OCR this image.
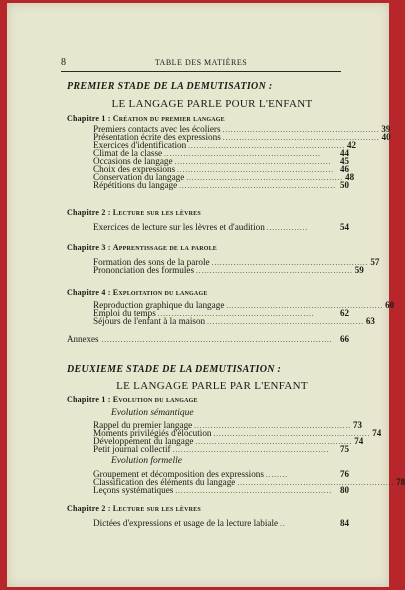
8	TABLE DES MATIÈRES
PREMIER STADE DE LA DEMUTISATION :
LE LANGAGE PARLE POUR L'ENFANT
Chapitre 1 : Création du premier langage
Premiers contacts avec les écoliers ......................................................... 39
Présentation écrite des expressions ......................................................... 40
Exercices d'identification ......................................................... 42
Climat de la classe .........................................................	44
Occasions de langage ......................................................... 45
Choix des expressions ......................................................... 46
Conservation du langage ......................................................... 48
Répétitions du langage ......................................................... 50
Chapitre 2 : Lecture sur les lèvres
Exercices de lecture sur les lèvres et d'audition ...............	54
Chapitre 3 : Apprentissage de la parole
Formation des sons de la parole ......................................................... 57
Prononciation des formules ......................................................... 59
Chapitre 4 : Exploitation du langage
Reproduction graphique du langage ......................................................... 60
Emploi du temps .........................................................	62
Séjours de l'enfant à la maison ......................................................... 63
Annexes .................................................................................... 66
DEUXIEME STADE DE LA DEMUTISATION :
LE LANGAGE PARLE PAR L'ENFANT
Chapitre 1 : Evolution du langage
Evolution sémantique
Rappel du premier langage ......................................................... 73
Moments privilégiés d'élocution ......................................................... 74
Développement du langage ......................................................... 74
Petit journal collectif .........................................................	75
Evolution formelle
Groupement et décomposition des expressions ........	76
Classification des éléments du langage ......................................................... 78
Leçons systématiques ......................................................... 80
Chapitre 2 : Lecture sur les lèvres
Dictées d'expressions et usage de la lecture labiale ..	84
